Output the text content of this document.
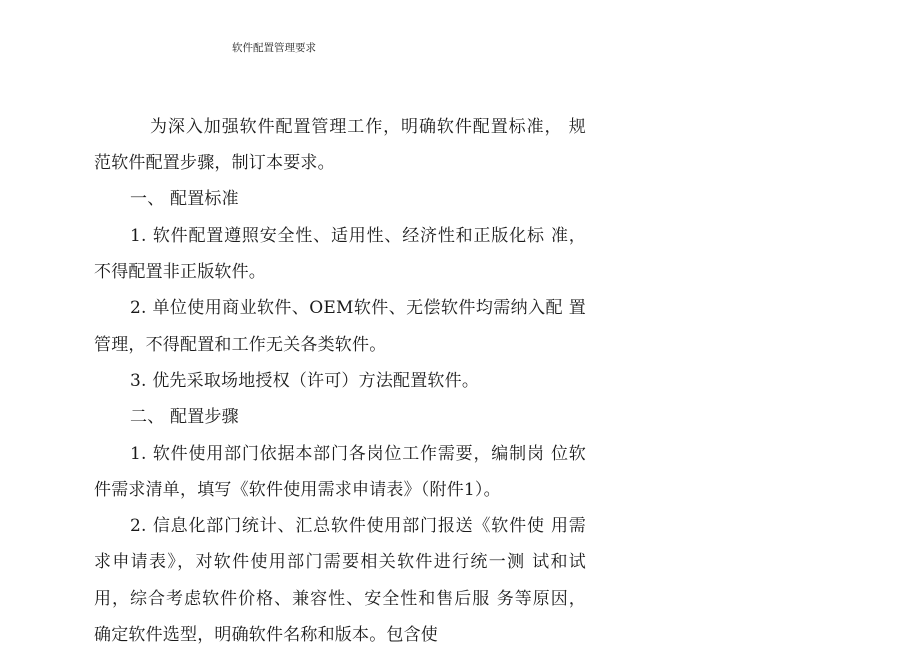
软件配置管理要求
为深入加强软件配置管理工作，明确软件配置标准， 规
范软件配置步骤，制订本要求。
一、 配置标准
1. 软件配置遵照安全性、适用性、经济性和正版化标 准，
不得配置非正版软件。
2. 单位使用商业软件、OEM软件、无偿软件均需纳入配 置
管理，不得配置和工作无关各类软件。
3. 优先采取场地授权（许可）方法配置软件。
二、 配置步骤
1. 软件使用部门依据本部门各岗位工作需要，编制岗 位软
件需求清单，填写《软件使用需求申请表》（附件1）。
2. 信息化部门统计、汇总软件使用部门报送《软件使 用需
求申请表》，对软件使用部门需要相关软件进行统一测 试和试
用，综合考虑软件价格、兼容性、安全性和售后服 务等原因，
确定软件选型，明确软件名称和版本。包含使
